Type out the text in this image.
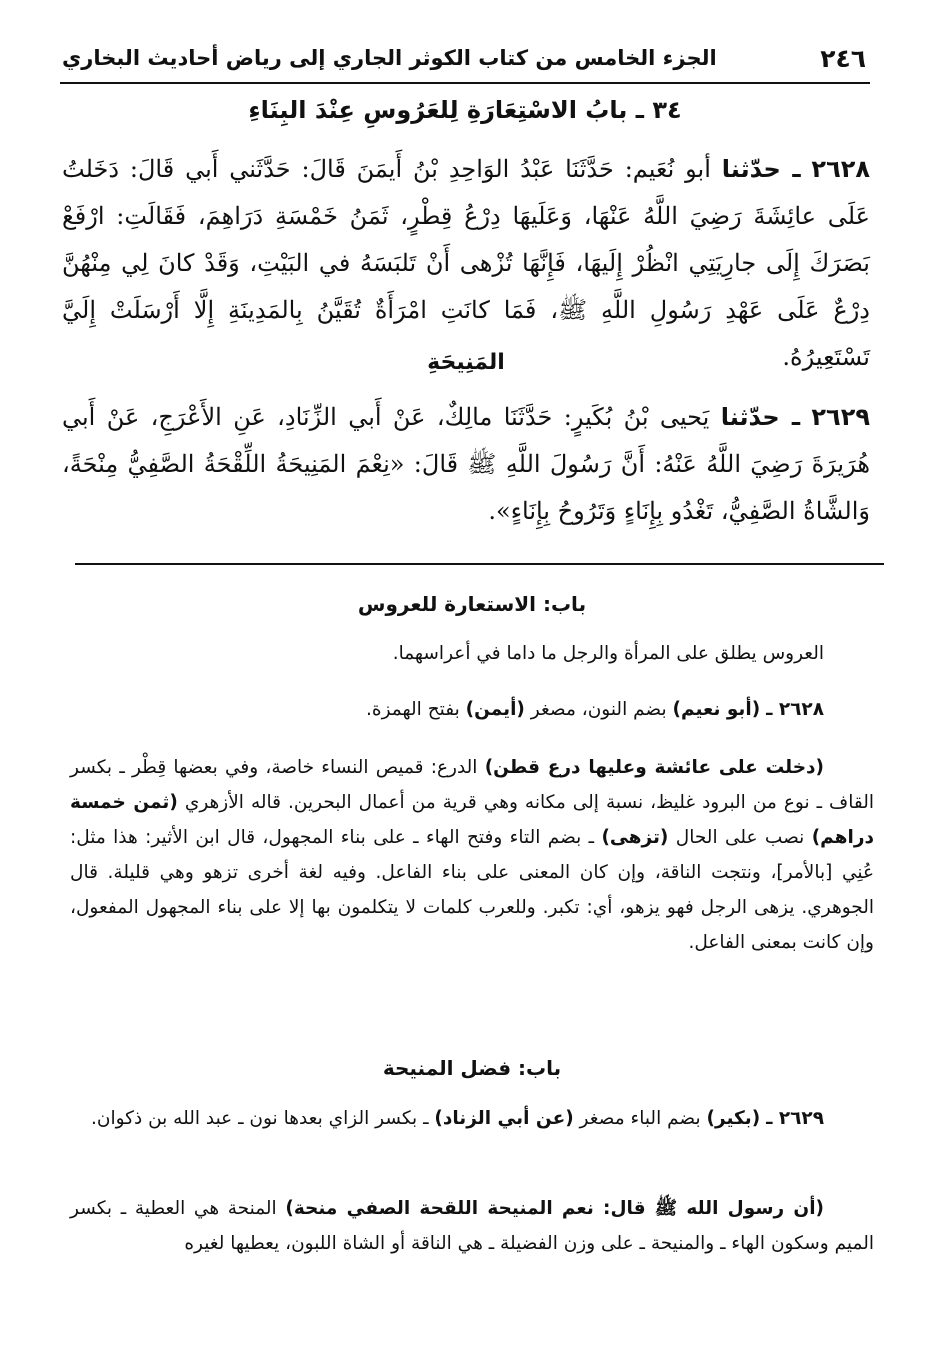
٢٤٦
الجزء الخامس من كتاب الكوثر الجاري إلى رياض أحاديث البخاري
٣٤ ـ بابُ الاسْتِعَارَةِ لِلعَرُوسِ عِنْدَ البِنَاءِ
٢٦٢٨ ـ حدّثنا أبو نُعَيم: حَدَّثَنَا عَبْدُ الوَاحِدِ بْنُ أَيمَنَ قَالَ: حَدَّثَني أَبي قَالَ: دَخَلتُ عَلَى عائِشَةَ رَضِيَ اللَّهُ عَنْهَا، وَعَلَيهَا دِرْعُ قِطْرٍ، ثَمَنُ خَمْسَةِ دَرَاهِمَ، فَقَالَتِ: ارْفَعْ بَصَرَكَ إِلَى جارِيَتِي انْظُرْ إِلَيهَا، فَإِنَّهَا تُزْهى أَنْ تَلبَسَهُ في البَيْتِ، وَقَدْ كانَ لِي مِنْهُنَّ دِرْعٌ عَلَى عَهْدِ رَسُولِ اللَّهِ ﷺ، فَمَا كانَتِ امْرَأَةٌ تُقَيَّنُ بِالمَدِينَةِ إِلَّا أَرْسَلَتْ إِلَيَّ تَسْتَعِيرُهُ.
المَنِيحَةِ
٢٦٢٩ ـ حدّثنا يَحيى بْنُ بُكَيرٍ: حَدَّثَنَا مالِكٌ، عَنْ أَبي الزِّنَادِ، عَنِ الأَعْرَجِ، عَنْ أَبي هُرَيرَةَ رَضِيَ اللَّهُ عَنْهُ: أَنَّ رَسُولَ اللَّهِ ﷺ قَالَ: «نِعْمَ المَنِيحَةُ اللِّقْحَةُ الصَّفِيُّ مِنْحَةً، وَالشَّاةُ الصَّفِيُّ، تَغْدُو بِإِنَاءٍ وَتَرُوحُ بِإِنَاءٍ».
باب: الاستعارة للعروس
العروس يطلق على المرأة والرجل ما داما في أعراسهما.
٢٦٢٨ ـ (أبو نعيم) بضم النون، مصغر (أيمن) بفتح الهمزة.
(دخلت على عائشة وعليها درع قطن) الدرع: قميص النساء خاصة، وفي بعضها قِطْر ـ بكسر القاف ـ نوع من البرود غليظ، نسبة إلى مكانه وهي قرية من أعمال البحرين. قاله الأزهري (ثمن خمسة دراهم) نصب على الحال (تزهى) ـ بضم التاء وفتح الهاء ـ على بناء المجهول، قال ابن الأثير: هذا مثل: عُنِي [بالأمر]، ونتجت الناقة، وإن كان المعنى على بناء الفاعل. وفيه لغة أخرى تزهو وهي قليلة. قال الجوهري. يزهى الرجل فهو يزهو، أي: تكبر. وللعرب كلمات لا يتكلمون بها إلا على بناء المجهول المفعول، وإن كانت بمعنى الفاعل.
باب: فضل المنيحة
٢٦٢٩ ـ (بكير) بضم الباء مصغر (عن أبي الزناد) ـ بكسر الزاي بعدها نون ـ عبد الله بن ذكوان.
(أن رسول الله ﷺ قال: نعم المنيحة اللقحة الصفي منحة) المنحة هي العطية ـ بكسر الميم وسكون الهاء ـ والمنيحة ـ على وزن الفضيلة ـ هي الناقة أو الشاة اللبون، يعطيها لغيره
